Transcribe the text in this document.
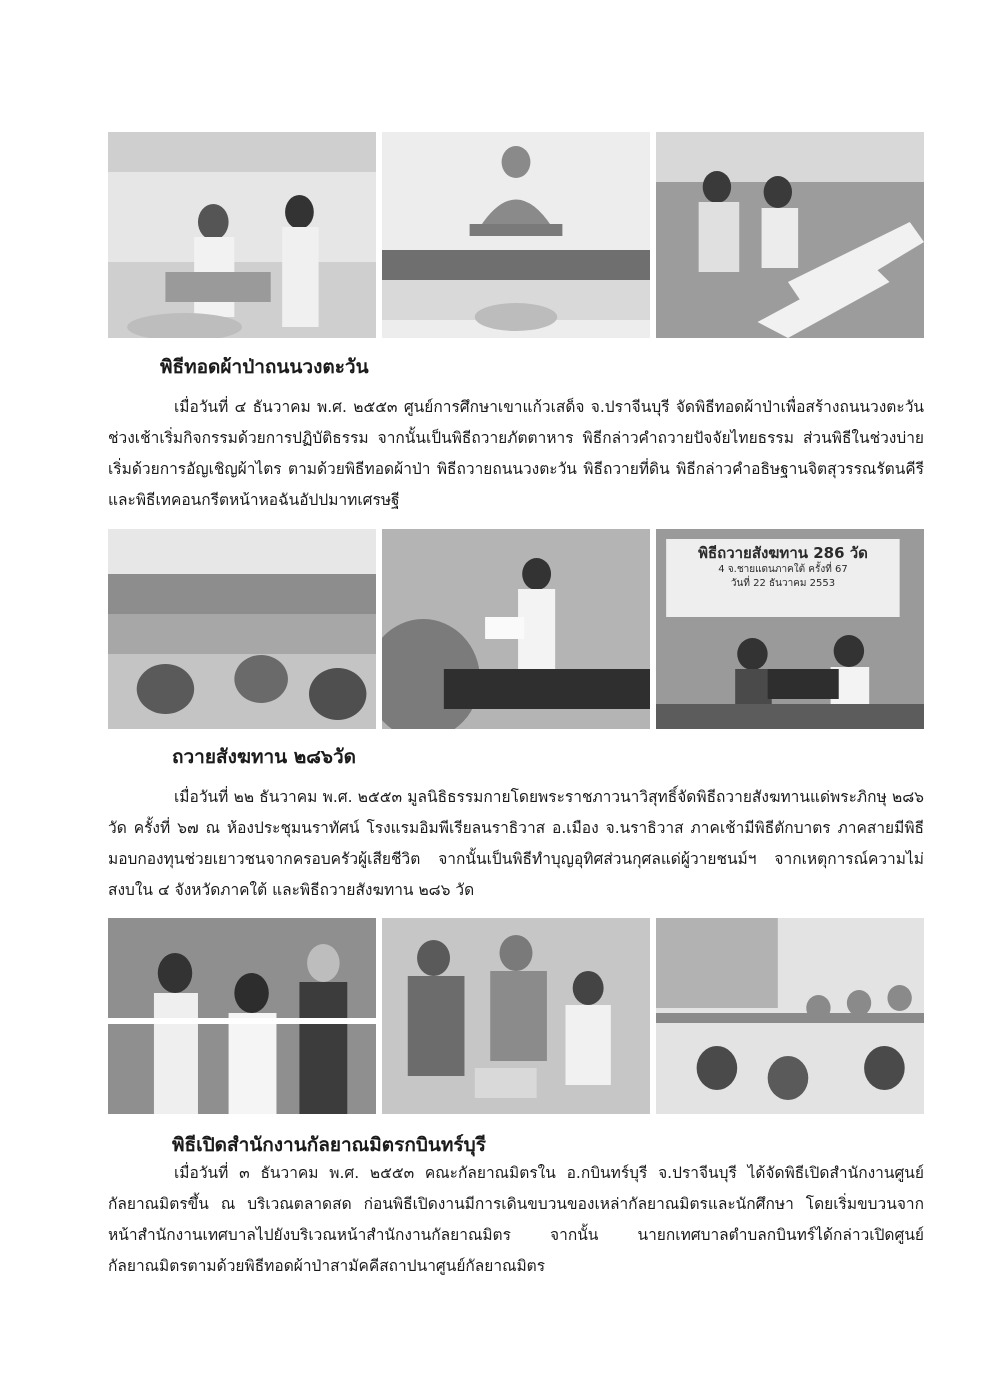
พิธีทอดผ้าป่าถนนวงตะวัน

เมื่อวันที่ ๔ ธันวาคม พ.ศ. ๒๕๕๓ ศูนย์การศึกษาเขาแก้วเสด็จ จ.ปราจีนบุรี จัดพิธีทอดผ้าป่าเพื่อสร้างถนนวงตะวัน ช่วงเช้าเริ่มกิจกรรมด้วยการปฏิบัติธรรม จากนั้นเป็นพิธีถวายภัตตาหาร พิธีกล่าวคำถวายปัจจัยไทยธรรม ส่วนพิธีในช่วงบ่ายเริ่มด้วยการอัญเชิญผ้าไตร ตามด้วยพิธีทอดผ้าป่า พิธีถวายถนนวงตะวัน พิธีถวายที่ดิน พิธีกล่าวคำอธิษฐานจิตสุวรรณรัตนคีรี และพิธีเทคอนกรีตหน้าหอฉันอัปปมาทเศรษฐี

พิธีถวายสังฆทาน 286 วัด
4 จ.ชายแดนภาคใต้ ครั้งที่ 67
วันที่ 22 ธันวาคม 2553
ถวายสังฆทาน ๒๘๖วัด

เมื่อวันที่ ๒๒ ธันวาคม พ.ศ. ๒๕๕๓ มูลนิธิธรรมกายโดยพระราชภาวนาวิสุทธิ์จัดพิธีถวายสังฆทานแด่พระภิกษุ ๒๘๖ วัด ครั้งที่ ๖๗ ณ ห้องประชุมนราทัศน์ โรงแรมอิมพีเรียลนราธิวาส อ.เมือง จ.นราธิวาส ภาคเช้ามีพิธีตักบาตร ภาคสายมีพิธีมอบกองทุนช่วยเยาวชนจากครอบครัวผู้เสียชีวิต จากนั้นเป็นพิธีทำบุญอุทิศส่วนกุศลแด่ผู้วายชนม์ฯ จากเหตุการณ์ความไม่สงบใน ๔ จังหวัดภาคใต้ และพิธีถวายสังฆทาน ๒๘๖ วัด

พิธีเปิดสำนักงานกัลยาณมิตรกบินทร์บุรี

เมื่อวันที่ ๓ ธันวาคม พ.ศ. ๒๕๕๓ คณะกัลยาณมิตรใน อ.กบินทร์บุรี จ.ปราจีนบุรี ได้จัดพิธีเปิดสำนักงานศูนย์กัลยาณมิตรขึ้น ณ บริเวณตลาดสด ก่อนพิธีเปิดงานมีการเดินขบวนของเหล่ากัลยาณมิตรและนักศึกษา โดยเริ่มขบวนจากหน้าสำนักงานเทศบาลไปยังบริเวณหน้าสำนักงานกัลยาณมิตร จากนั้น นายกเทศบาลตำบลกบินทร์ได้กล่าวเปิดศูนย์กัลยาณมิตรตามด้วยพิธีทอดผ้าป่าสามัคคีสถาปนาศูนย์กัลยาณมิตร
